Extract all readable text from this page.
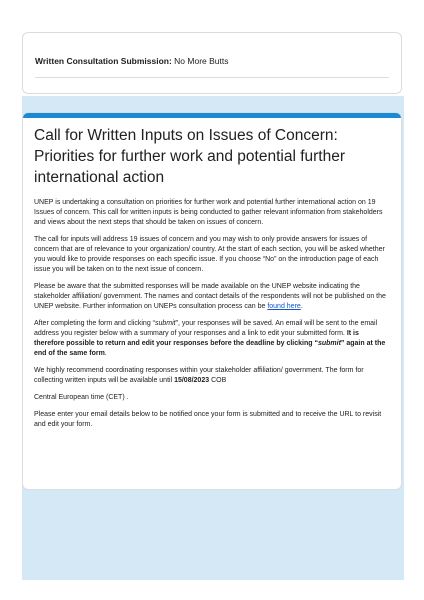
Written Consultation Submission: No More Butts
Call for Written Inputs on Issues of Concern: Priorities for further work and potential further international action

UNEP is undertaking a consultation on priorities for further work and potential further international action on 19 Issues of concern. This call for written inputs is being conducted to gather relevant information from stakeholders and views about the next steps that should be taken on issues of concern.

The call for inputs will address 19 issues of concern and you may wish to only provide answers for issues of concern that are of relevance to your organization/ country. At the start of each section, you will be asked whether you would like to provide responses on each specific issue. If you choose “No” on the introduction page of each issue you will be taken on to the next issue of concern.

Please be aware that the submitted responses will be made available on the UNEP website indicating the stakeholder affiliation/ government. The names and contact details of the respondents will not be published on the UNEP website. Further information on UNEPs consultation process can be found here.

After completing the form and clicking “submit”, your responses will be saved. An email will be sent to the email address you register below with a summary of your responses and a link to edit your submitted form. It is therefore possible to return and edit your responses before the deadline by clicking “submit” again at the end of the same form.

We highly recommend coordinating responses within your stakeholder affiliation/ government. The form for collecting written inputs will be available until 15/08/2023 COB

Central European time (CET) .

Please enter your email details below to be notified once your form is submitted and to receive the URL to revisit and edit your form.
